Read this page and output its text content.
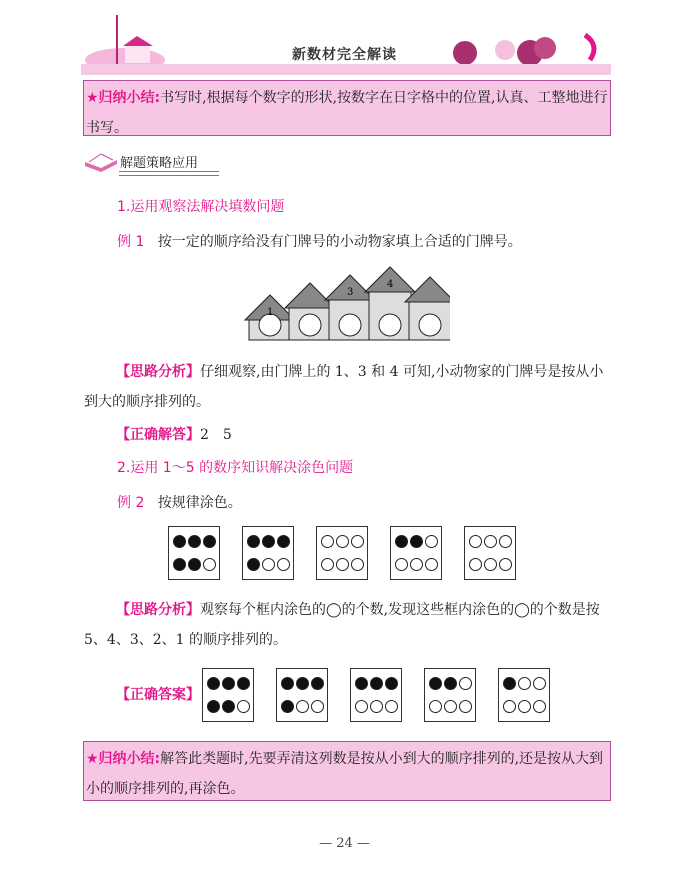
新数材完全解读
★归纳小结:书写时,根据每个数字的形状,按数字在日字格中的位置,认真、工整地进行书写。
解题策略应用
1.运用观察法解决填数问题
例 1 按一定的顺序给没有门牌号的小动物家填上合适的门牌号。
1
3
4
【思路分析】仔细观察,由门牌上的 1、3 和 4 可知,小动物家的门牌号是按从小到大的顺序排列的。
【正确解答】2　5
2.运用 1～5 的数序知识解决涂色问题
例 2 按规律涂色。
【思路分析】观察每个框内涂色的◯的个数,发现这些框内涂色的◯的个数是按 5、4、3、2、1 的顺序排列的。
【正确答案】
★归纳小结:解答此类题时,先要弄清这列数是按从小到大的顺序排列的,还是按从大到小的顺序排列的,再涂色。
— 24 —
